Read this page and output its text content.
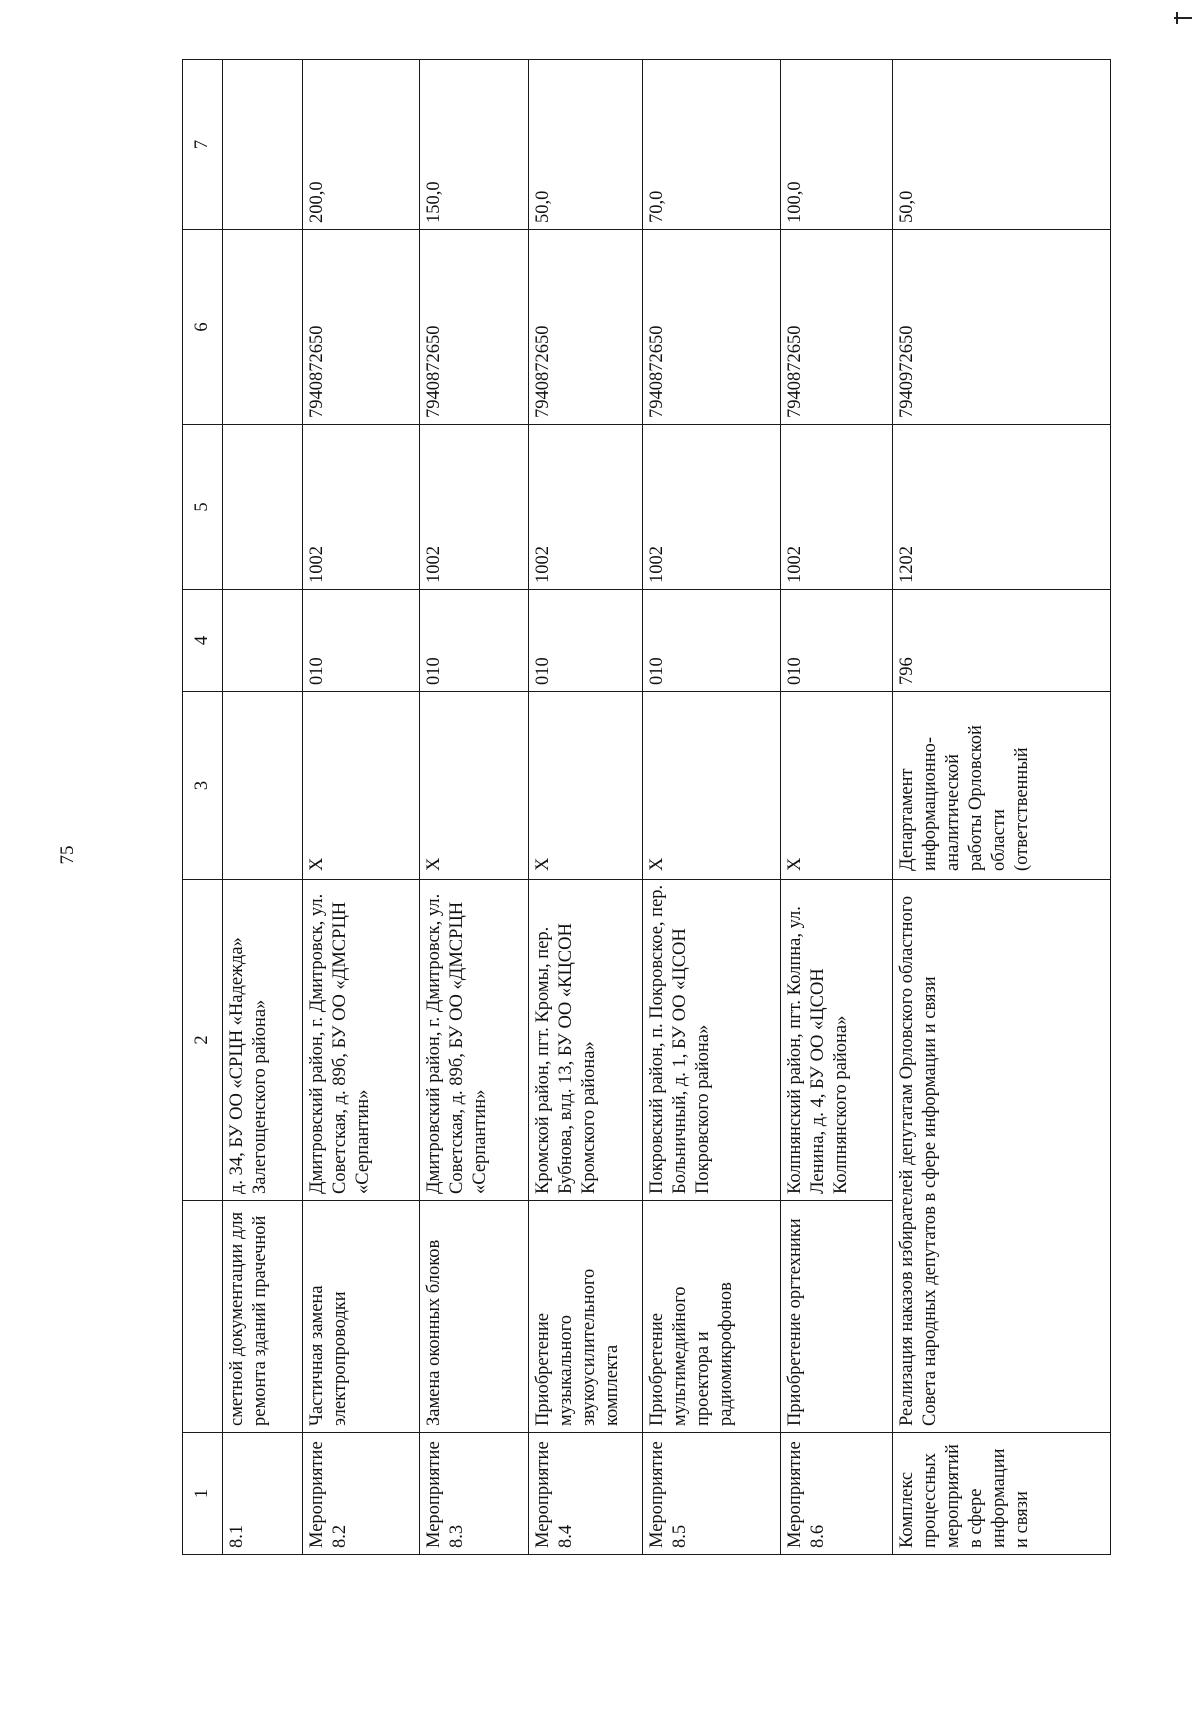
75
1		2	3	4	5	6	7
8.1	сметной документации для ремонта зданий прачечной	д. 34, БУ ОО «СРЦН «Надежда» Залегощенского района»					
Мероприятие 8.2	Частичная замена электропроводки	Дмитровский район, г. Дмитровск, ул. Советская, д. 89б, БУ ОО «ДМСРЦН «Серпантин»	Х	010	1002	7940872650	200,0
Мероприятие 8.3	Замена оконных блоков	Дмитровский район, г. Дмитровск, ул. Советская, д. 89б, БУ ОО «ДМСРЦН «Серпантин»	Х	010	1002	7940872650	150,0
Мероприятие 8.4	Приобретение музыкального звукоусилительного комплекта	Кромской район, пгт. Кромы, пер. Бубнова, влд. 13, БУ ОО «КЦСОН Кромского района»	Х	010	1002	7940872650	50,0
Мероприятие 8.5	Приобретение мультимедийного проектора и радиомикрофонов	Покровский район, п. Покровское, пер. Больничный, д. 1, БУ ОО «ЦСОН Покровского района»	Х	010	1002	7940872650	70,0
Мероприятие 8.6	Приобретение оргтехники	Колпнянский район, пгт. Колпна, ул. Ленина, д. 4, БУ ОО «ЦСОН Колпнянского района»	Х	010	1002	7940872650	100,0
Комплекс процессных мероприятий в сфере информации и связи	Реализация наказов избирателей депутатам Орловского областного Совета народных депутатов в сфере информации и связи		Департамент информационно-аналитической работы Орловской области (ответственный	796	1202	7940972650	50,0
